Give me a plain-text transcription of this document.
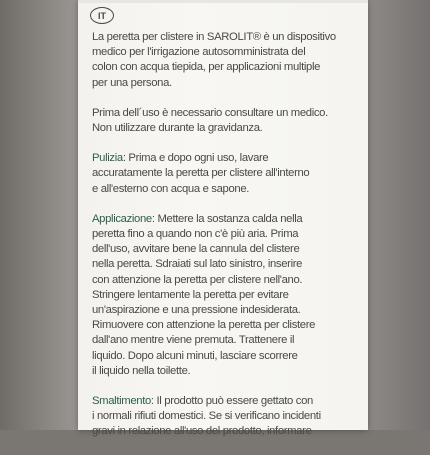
IT

La peretta per clistere in SAROLIT® è un dispositivo
medico per l'irrigazione autosomministrata del
colon con acqua tiepida, per applicazioni multiple
per una persona.

Prima dell´uso è necessario consultare un medico.
Non utilizzare durante la gravidanza.

Pulizia: Prima e dopo ogni uso, lavare
accuratamente la peretta per clistere all'interno
e all'esterno con acqua e sapone.

Applicazione: Mettere la sostanza calda nella
peretta fino a quando non c'è più aria. Prima
dell'uso, avvitare bene la cannula del clistere
nella peretta. Sdraiati sul lato sinistro, inserire
con attenzione la peretta per clistere nell'ano.
Stringere lentamente la peretta per evitare
un'aspirazione e una pressione indesiderata.
Rimuovere con attenzione la peretta per clistere
dall'ano mentre viene premuta. Trattenere il
liquido. Dopo alcuni minuti, lasciare scorrere
il liquido nella toilette.

Smaltimento: Il prodotto può essere gettato con
i normali rifiuti domestici. Se si verificano incidenti
gravi in relazione all'uso del prodotto, informare
